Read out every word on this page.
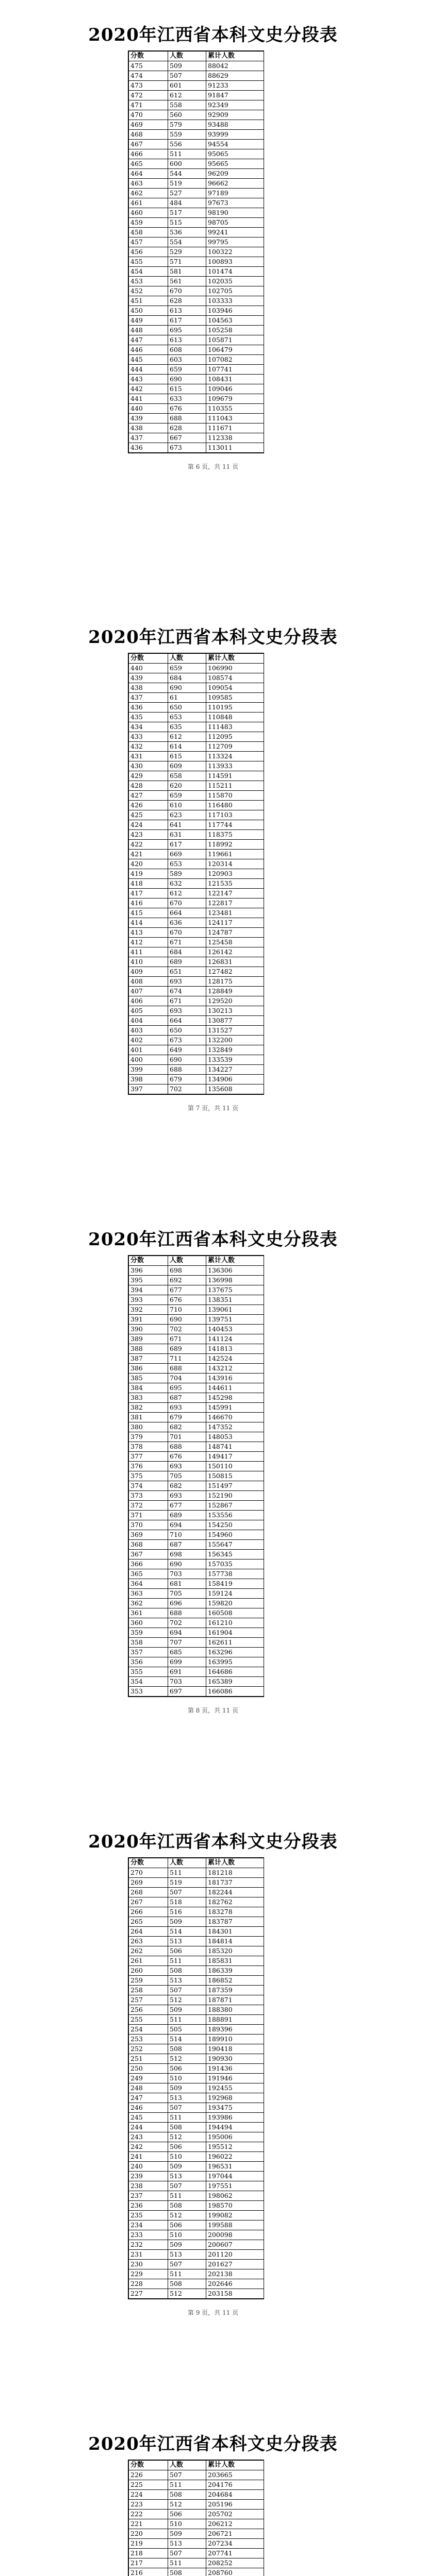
2020年江西省本科文史分段表
分数	人数	累计人数
475	509	88042
474	507	88629
473	601	91233
472	612	91847
471	558	92349
470	560	92909
469	579	93488
468	559	93999
467	556	94554
466	511	95065
465	600	95665
464	544	96209
463	519	96662
462	527	97189
461	484	97673
460	517	98190
459	515	98705
458	536	99241
457	554	99795
456	529	100322
455	571	100893
454	581	101474
453	561	102035
452	670	102705
451	628	103333
450	613	103946
449	617	104563
448	695	105258
447	613	105871
446	608	106479
445	603	107082
444	659	107741
443	690	108431
442	615	109046
441	633	109679
440	676	110355
439	688	111043
438	628	111671
437	667	112338
436	673	113011
第 6 页，共 11 页
2020年江西省本科文史分段表
分数	人数	累计人数
440	659	106990
439	684	108574
438	690	109054
437	61	109585
436	650	110195
435	653	110848
434	635	111483
433	612	112095
432	614	112709
431	615	113324
430	609	113933
429	658	114591
428	620	115211
427	659	115870
426	610	116480
425	623	117103
424	641	117744
423	631	118375
422	617	118992
421	669	119661
420	653	120314
419	589	120903
418	632	121535
417	612	122147
416	670	122817
415	664	123481
414	636	124117
413	670	124787
412	671	125458
411	684	126142
410	689	126831
409	651	127482
408	693	128175
407	674	128849
406	671	129520
405	693	130213
404	664	130877
403	650	131527
402	673	132200
401	649	132849
400	690	133539
399	688	134227
398	679	134906
397	702	135608
第 7 页，共 11 页
2020年江西省本科文史分段表
分数	人数	累计人数
396	698	136306
395	692	136998
394	677	137675
393	676	138351
392	710	139061
391	690	139751
390	702	140453
389	671	141124
388	689	141813
387	711	142524
386	688	143212
385	704	143916
384	695	144611
383	687	145298
382	693	145991
381	679	146670
380	682	147352
379	701	148053
378	688	148741
377	676	149417
376	693	150110
375	705	150815
374	682	151497
373	693	152190
372	677	152867
371	689	153556
370	694	154250
369	710	154960
368	687	155647
367	698	156345
366	690	157035
365	703	157738
364	681	158419
363	705	159124
362	696	159820
361	688	160508
360	702	161210
359	694	161904
358	707	162611
357	685	163296
356	699	163995
355	691	164686
354	703	165389
353	697	166086
第 8 页，共 11 页
2020年江西省本科文史分段表
分数	人数	累计人数
270	511	181218
269	519	181737
268	507	182244
267	518	182762
266	516	183278
265	509	183787
264	514	184301
263	513	184814
262	506	185320
261	511	185831
260	508	186339
259	513	186852
258	507	187359
257	512	187871
256	509	188380
255	511	188891
254	505	189396
253	514	189910
252	508	190418
251	512	190930
250	506	191436
249	510	191946
248	509	192455
247	513	192968
246	507	193475
245	511	193986
244	508	194494
243	512	195006
242	506	195512
241	510	196022
240	509	196531
239	513	197044
238	507	197551
237	511	198062
236	508	198570
235	512	199082
234	506	199588
233	510	200098
232	509	200607
231	513	201120
230	507	201627
229	511	202138
228	508	202646
227	512	203158
第 9 页，共 11 页
2020年江西省本科文史分段表
分数	人数	累计人数
226	507	203665
225	511	204176
224	508	204684
223	512	205196
222	506	205702
221	510	206212
220	509	206721
219	513	207234
218	507	207741
217	511	208252
216	508	208760
